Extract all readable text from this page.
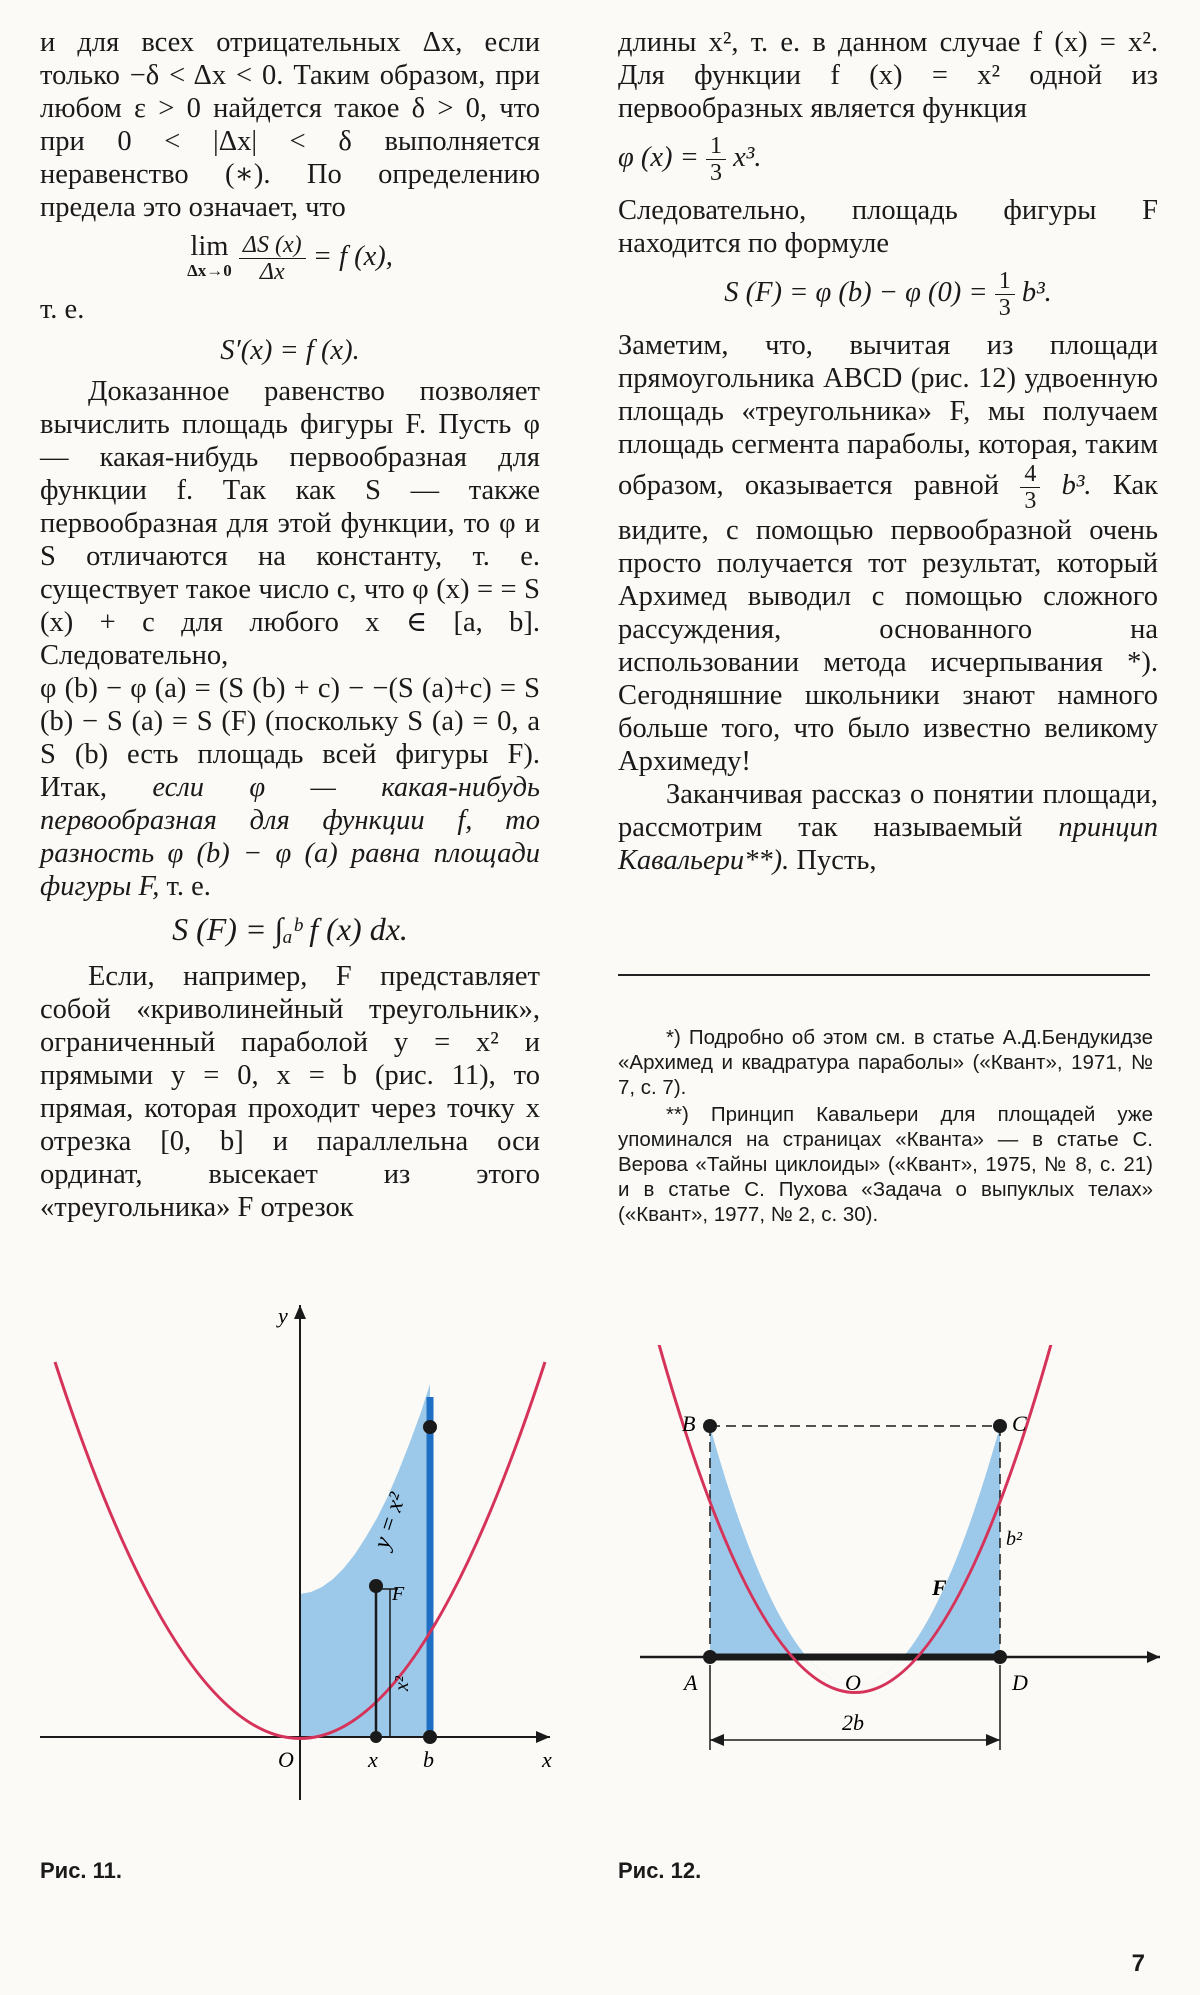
и для всех отрицательных Δx, если только −δ < Δx < 0. Таким образом, при любом ε > 0 найдется такое δ > 0, что при 0 < |Δx| < δ выполняется неравенство (∗). По определению предела это означает, что

lim
Δx→0
$\frac{\Delta S (x)}{\Delta x} = f$ (x),

т. е.

S′(x) = f (x).

Доказанное равенство позволяет вычислить площадь фигуры F. Пусть φ — какая-нибудь первообразная для функции f. Так как S — также первообразная для этой функции, то φ и S отличаются на константу, т. е. существует такое число c, что φ (x) = = S (x) + c для любого x ∈ [a, b]. Следовательно,

φ (b) − φ (a) = (S (b) + c) − −(S (a)+c) = S (b) − S (a) = S (F) (поскольку S (a) = 0, а S (b) есть площадь всей фигуры F). Итак, если φ — какая-нибудь первообразная для функции f, то разность φ (b) − φ (a) равна площади фигуры F, т. е.

S (F) = ∫ₐᵇ f (x) dx.

Если, например, F представляет собой «криволинейный треугольник», ограниченный параболой y = x² и прямыми y = 0, x = b (рис. 11), то прямая, которая проходит через точку x отрезка [0, b] и параллельна оси ординат, высекает из этого «треугольника» F отрезок

длины x², т. е. в данном случае f (x) = x². Для функции f (x) = x² одной из первообразных является функция

φ $(x) = \frac{1}{3} x^3$.

Следовательно, площадь фигуры F находится по формуле

S (F) = φ (b) − φ $(0) = \frac{1}{3} b^3$.

Заметим, что, вычитая из площади прямоугольника ABCD (рис. 12) удвоенную площадь «треугольника» F, мы получаем площадь сегмента параболы, которая, таким образом, оказывается равной $\frac{4}{3} b^3$. Как видите, с помощью первообразной очень просто получается тот результат, который Архимед выводил с помощью сложного рассуждения, основанного на использовании метода исчерпывания *). Сегодняшние школьники знают намного больше того, что было известно великому Архимеду!

Заканчивая рассказ о понятии площади, рассмотрим так называемый принцип Кавальери**). Пусть,

*) Подробно об этом см. в статье А.Д.Бендукидзе «Архимед и квадратура параболы» («Квант», 1971, № 7, с. 7).

**) Принцип Кавальери для площадей уже упоминался на страницах «Кванта» — в статье С. Верова «Тайны циклоиды» («Квант», 1975, № 8, с. 21) и в статье С. Пухова «Задача о выпуклых телах» («Квант», 1977, № 2, с. 30).

y
x
O	x b
y = x²
F
x²
Рис. 11.
B	C
A	D
O
b²
F
2b
Рис. 12.
7
